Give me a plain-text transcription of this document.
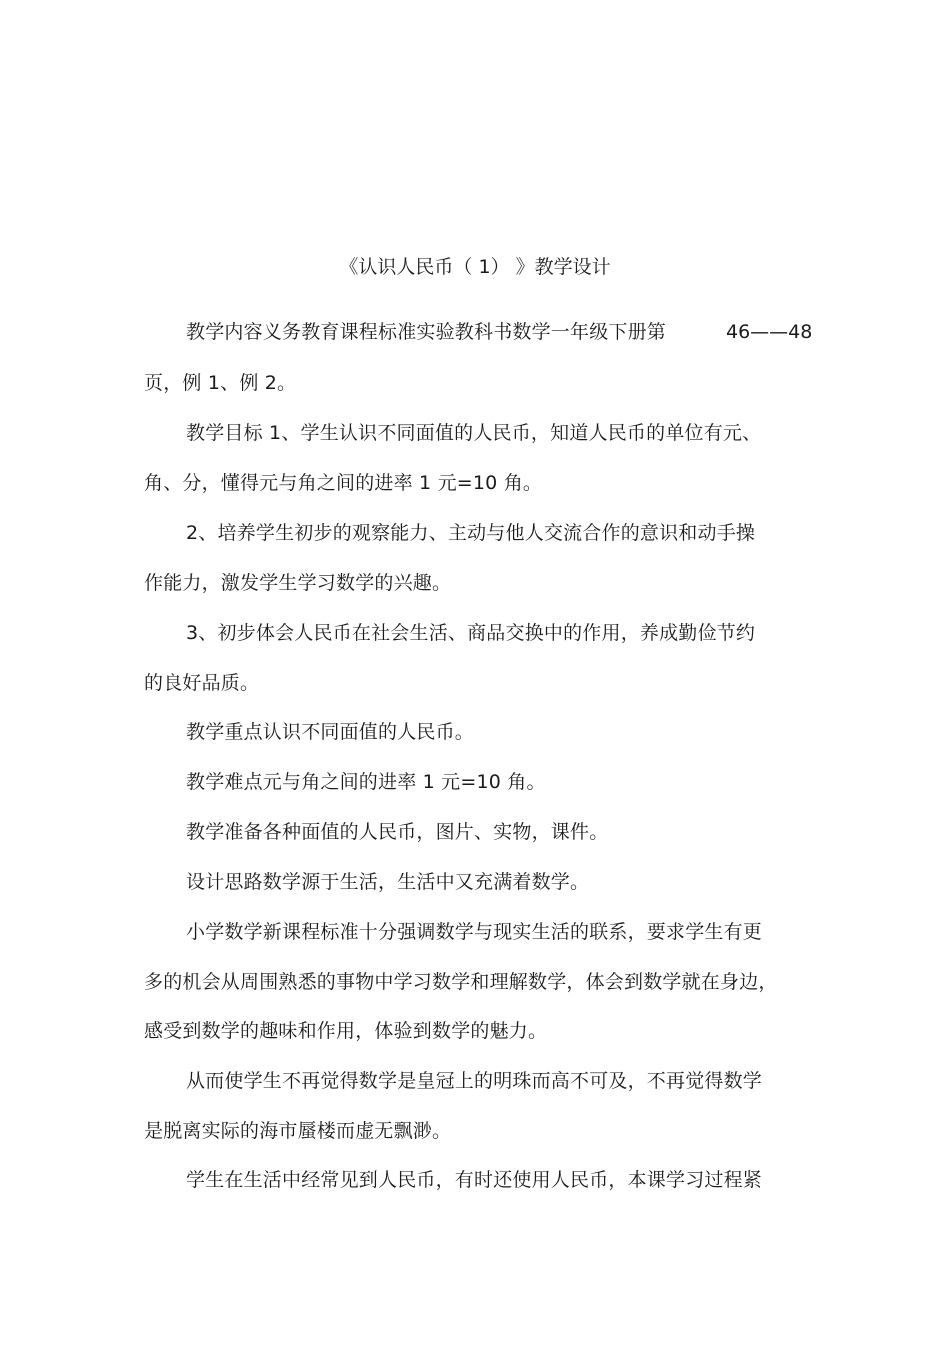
《认识人民币（ 1） 》教学设计
教学内容义务教育课程标准实验教科书数学一年级下册第	46——48
页，例 1、例 2。
教学目标 1、学生认识不同面值的人民币，知道人民币的单位有元、
角、分，懂得元与角之间的进率 1 元=10 角。
2、培养学生初步的观察能力、主动与他人交流合作的意识和动手操
作能力，激发学生学习数学的兴趣。
3、初步体会人民币在社会生活、商品交换中的作用，养成勤俭节约
的良好品质。
教学重点认识不同面值的人民币。
教学难点元与角之间的进率 1 元=10 角。
教学准备各种面值的人民币，图片、实物，课件。
设计思路数学源于生活，生活中又充满着数学。
小学数学新课程标准十分强调数学与现实生活的联系，要求学生有更
多的机会从周围熟悉的事物中学习数学和理解数学，体会到数学就在身边，
感受到数学的趣味和作用，体验到数学的魅力。
从而使学生不再觉得数学是皇冠上的明珠而高不可及，不再觉得数学
是脱离实际的海市蜃楼而虚无飘渺。
学生在生活中经常见到人民币，有时还使用人民币，本课学习过程紧
